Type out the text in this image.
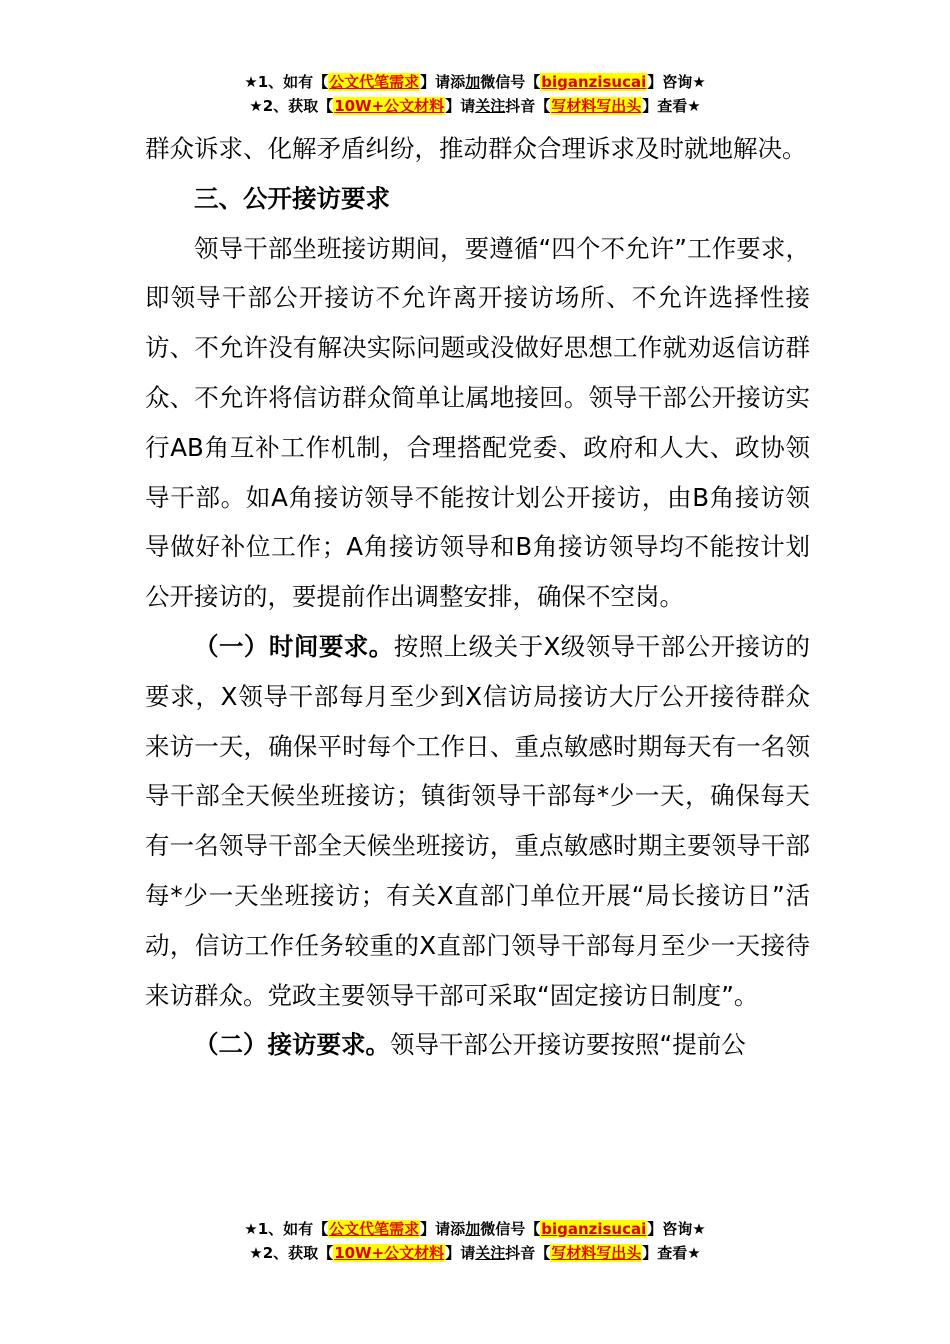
★1、如有【公文代笔需求】请添加微信号【biganzisucai】咨询★
★2、获取【10W+公文材料】请关注抖音【写材料写出头】查看★

群众诉求、化解矛盾纠纷，推动群众合理诉求及时就地解决。

三、公开接访要求

领导干部坐班接访期间，要遵循“四个不允许”工作要求，即领导干部公开接访不允许离开接访场所、不允许选择性接访、不允许没有解决实际问题或没做好思想工作就劝返信访群众、不允许将信访群众简单让属地接回。领导干部公开接访实行AB角互补工作机制，合理搭配党委、政府和人大、政协领导干部。如A角接访领导不能按计划公开接访，由B角接访领导做好补位工作；A角接访领导和B角接访领导均不能按计划公开接访的，要提前作出调整安排，确保不空岗。

（一）时间要求。按照上级关于X级领导干部公开接访的要求，X领导干部每月至少到X信访局接访大厅公开接待群众来访一天，确保平时每个工作日、重点敏感时期每天有一名领导干部全天候坐班接访；镇街领导干部每*少一天，确保每天有一名领导干部全天候坐班接访，重点敏感时期主要领导干部每*少一天坐班接访；有关X直部门单位开展“局长接访日”活动，信访工作任务较重的X直部门领导干部每月至少一天接待来访群众。党政主要领导干部可采取“固定接访日制度”。

（二）接访要求。领导干部公开接访要按照“提前公

★1、如有【公文代笔需求】请添加微信号【biganzisucai】咨询★
★2、获取【10W+公文材料】请关注抖音【写材料写出头】查看★
